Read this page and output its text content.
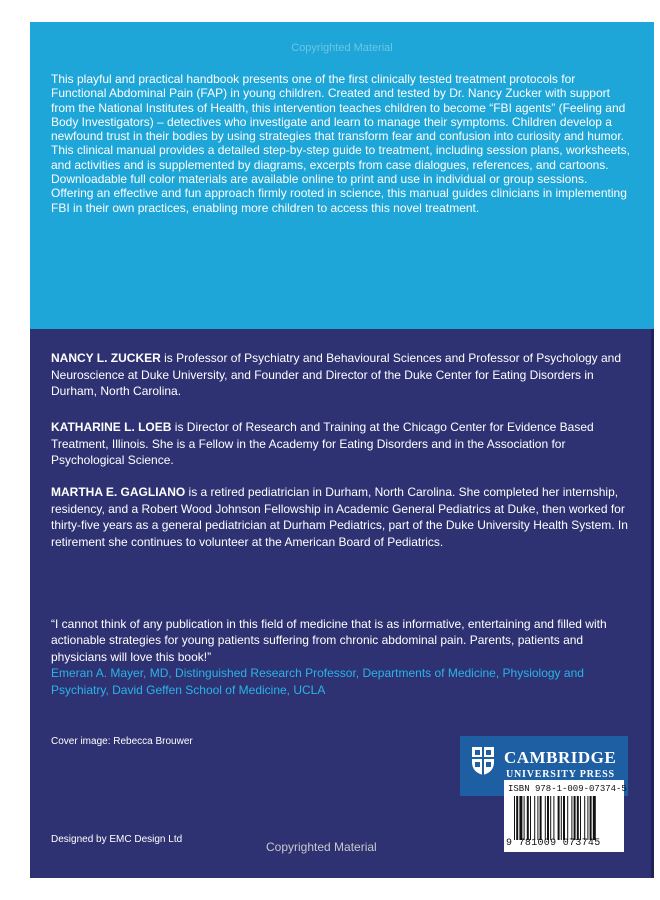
Copyrighted Material

This playful and practical handbook presents one of the first clinically tested treatment protocols for Functional Abdominal Pain (FAP) in young children. Created and tested by Dr. Nancy Zucker with support from the National Institutes of Health, this intervention teaches children to become “FBI agents” (Feeling and Body Investigators) – detectives who investigate and learn to manage their symptoms. Children develop a newfound trust in their bodies by using strategies that transform fear and confusion into curiosity and humor. This clinical manual provides a detailed step-by-step guide to treatment, including session plans, worksheets, and activities and is supplemented by diagrams, excerpts from case dialogues, references, and cartoons. Downloadable full color materials are available online to print and use in individual or group sessions. Offering an effective and fun approach firmly rooted in science, this manual guides clinicians in implementing FBI in their own practices, enabling more children to access this novel treatment.

NANCY L. ZUCKER is Professor of Psychiatry and Behavioural Sciences and Professor of Psychology and Neuroscience at Duke University, and Founder and Director of the Duke Center for Eating Disorders in Durham, North Carolina.

KATHARINE L. LOEB is Director of Research and Training at the Chicago Center for Evidence Based Treatment, Illinois. She is a Fellow in the Academy for Eating Disorders and in the Association for Psychological Science.

MARTHA E. GAGLIANO is a retired pediatrician in Durham, North Carolina. She completed her internship, residency, and a Robert Wood Johnson Fellowship in Academic General Pediatrics at Duke, then worked for thirty-five years as a general pediatrician at Durham Pediatrics, part of the Duke University Health System. In retirement she continues to volunteer at the American Board of Pediatrics.

“I cannot think of any publication in this field of medicine that is as informative, entertaining and filled with actionable strategies for young patients suffering from chronic abdominal pain. Parents, patients and physicians will love this book!”
Emeran A. Mayer, MD, Distinguished Research Professor, Departments of Medicine, Physiology and Psychiatry, David Geffen School of Medicine, UCLA

Cover image: Rebecca Brouwer
Designed by EMC Design Ltd
Copyrighted Material
CAMBRIDGE
UNIVERSITY PRESS
ISBN 978-1-009-07374-5
9 781009 073745
